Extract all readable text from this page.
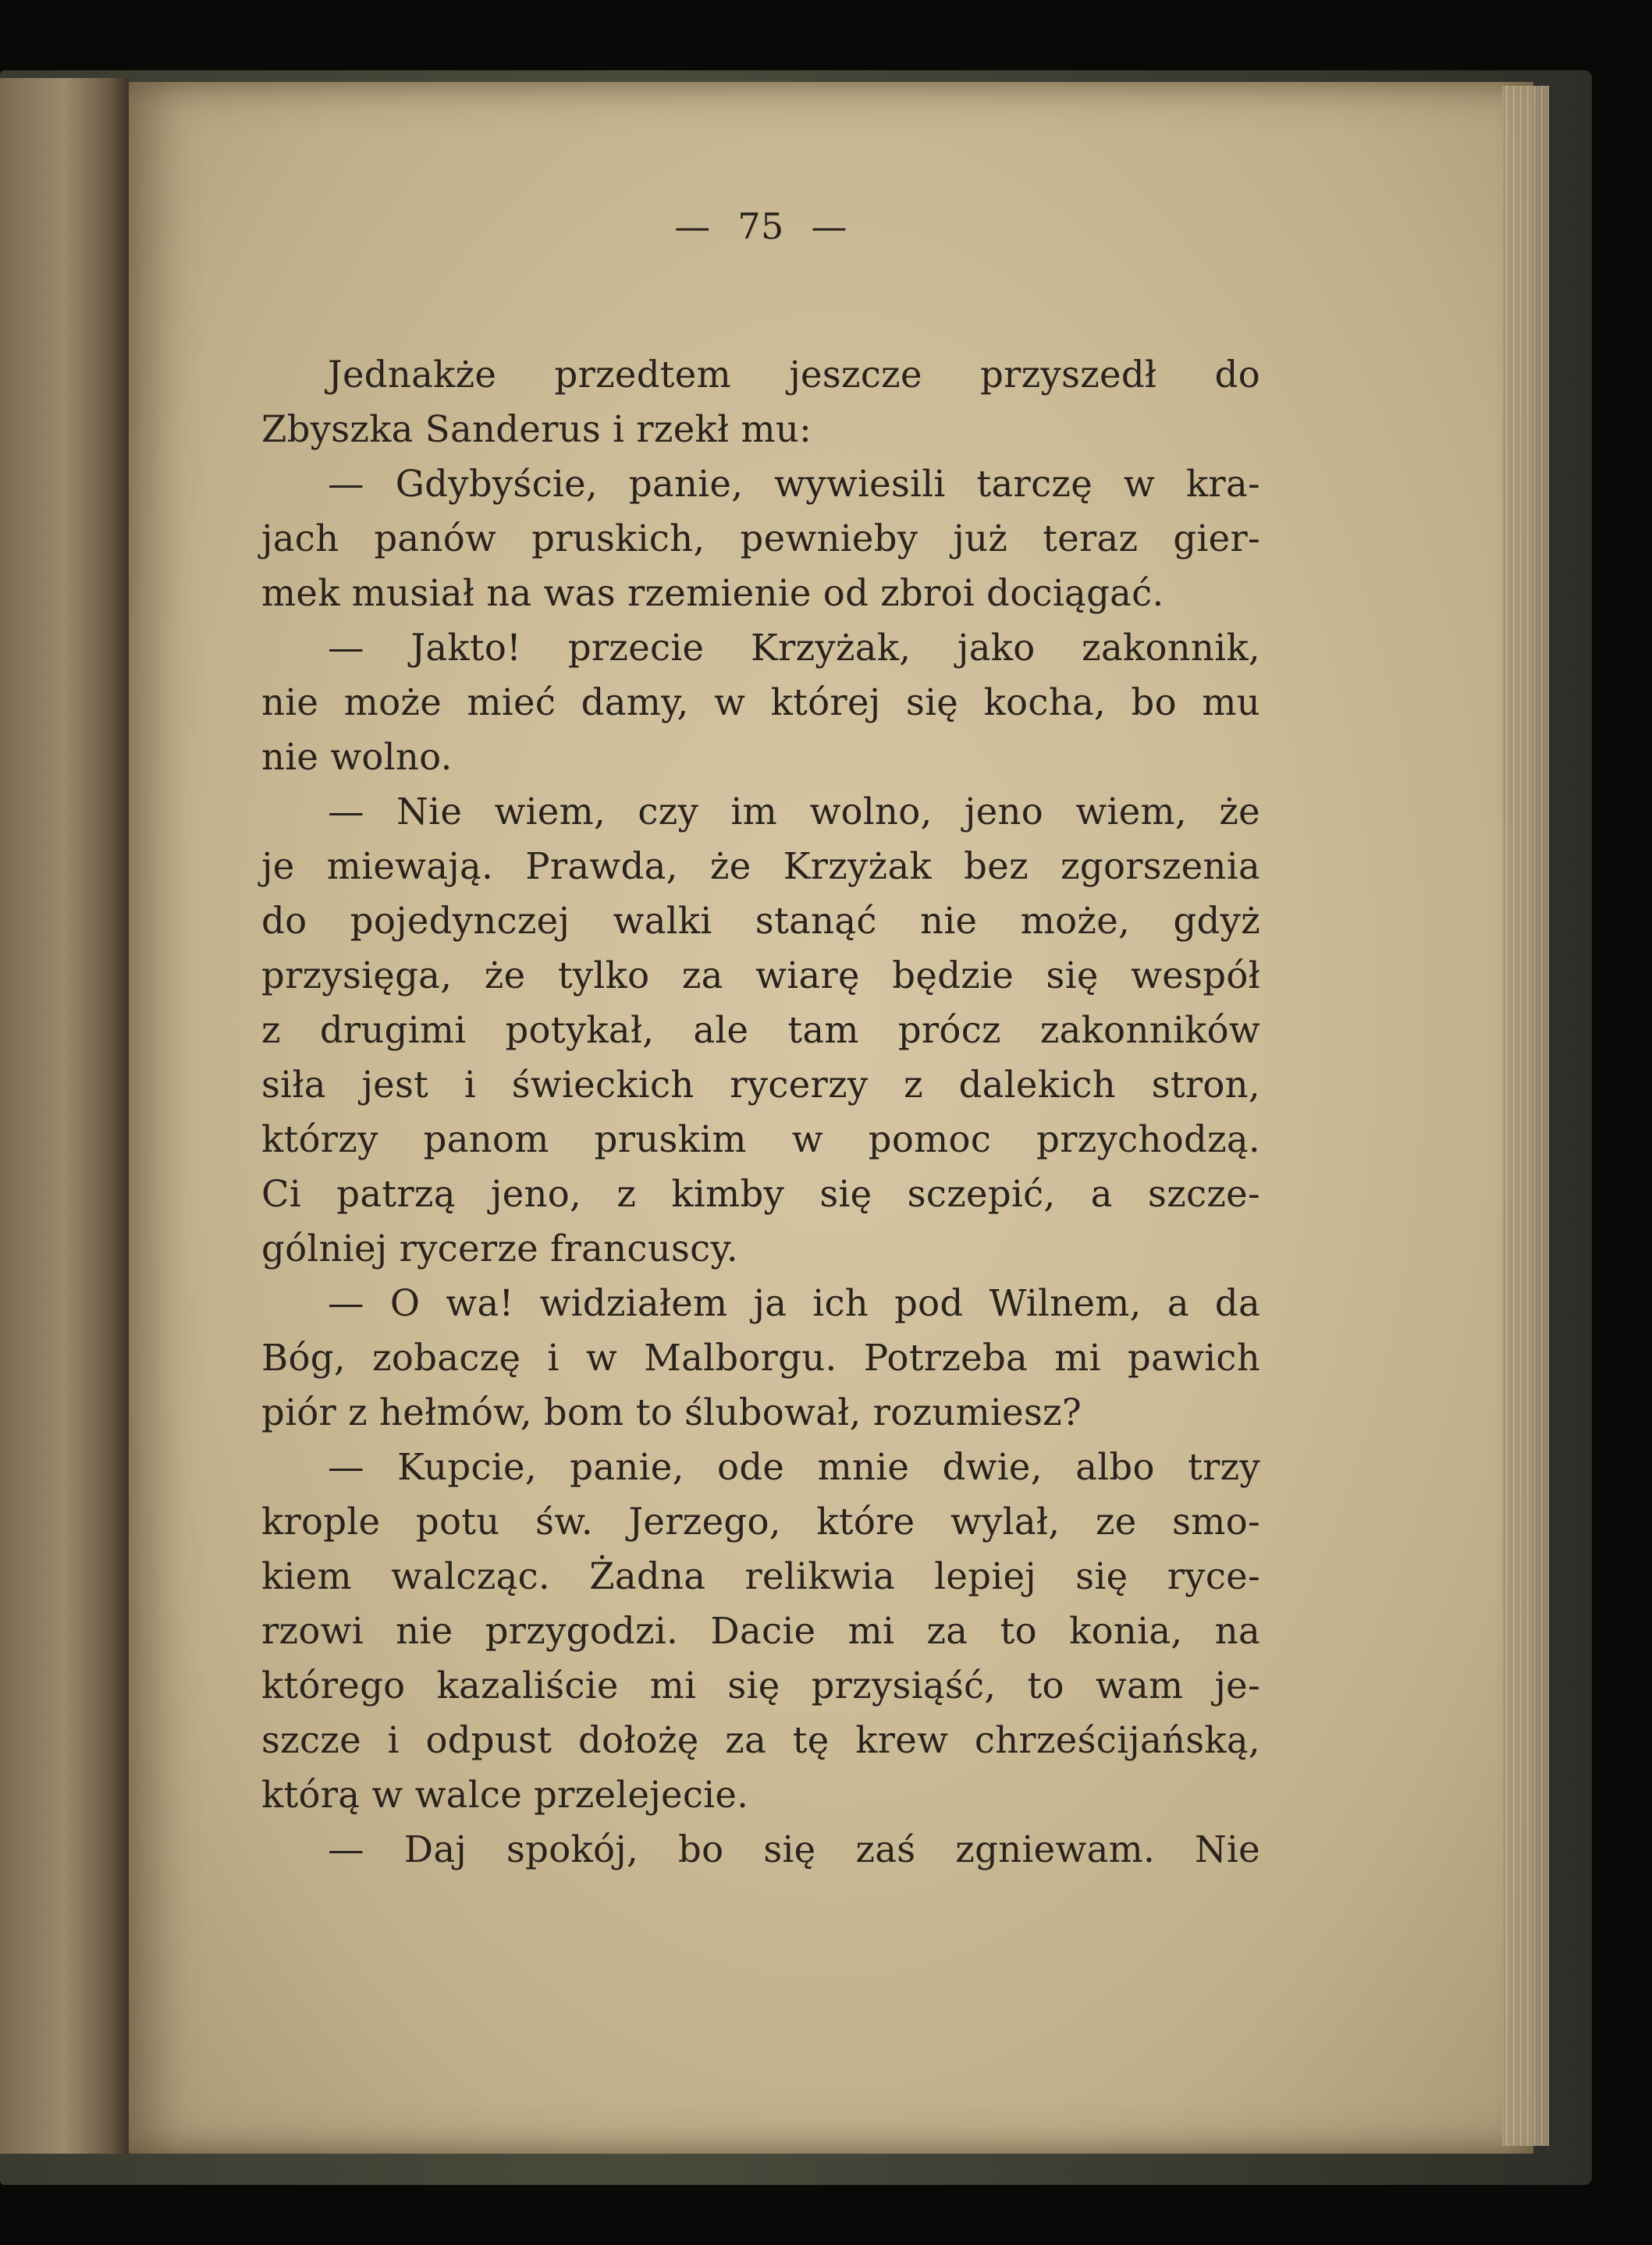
— 75 —
Jednakże przedtem jeszcze przyszedł do
Zbyszka Sanderus i rzekł mu:
— Gdybyście, panie, wywiesili tarczę w kra-
jach panów pruskich, pewnieby już teraz gier-
mek musiał na was rzemienie od zbroi dociągać.
— Jakto! przecie Krzyżak, jako zakonnik,
nie może mieć damy, w której się kocha, bo mu
nie wolno.
— Nie wiem, czy im wolno, jeno wiem, że
je miewają. Prawda, że Krzyżak bez zgorszenia
do pojedynczej walki stanąć nie może, gdyż
przysięga, że tylko za wiarę będzie się wespół
z drugimi potykał, ale tam prócz zakonników
siła jest i świeckich rycerzy z dalekich stron,
którzy panom pruskim w pomoc przychodzą.
Ci patrzą jeno, z kimby się sczepić, a szcze-
gólniej rycerze francuscy.
— O wa! widziałem ja ich pod Wilnem, a da
Bóg, zobaczę i w Malborgu. Potrzeba mi pawich
piór z hełmów, bom to ślubował, rozumiesz?
— Kupcie, panie, ode mnie dwie, albo trzy
krople potu św. Jerzego, które wylał, ze smo-
kiem walcząc. Żadna relikwia lepiej się ryce-
rzowi nie przygodzi. Dacie mi za to konia, na
którego kazaliście mi się przysiąść, to wam je-
szcze i odpust dołożę za tę krew chrześcijańską,
którą w walce przelejecie.
— Daj spokój, bo się zaś zgniewam. Nie
